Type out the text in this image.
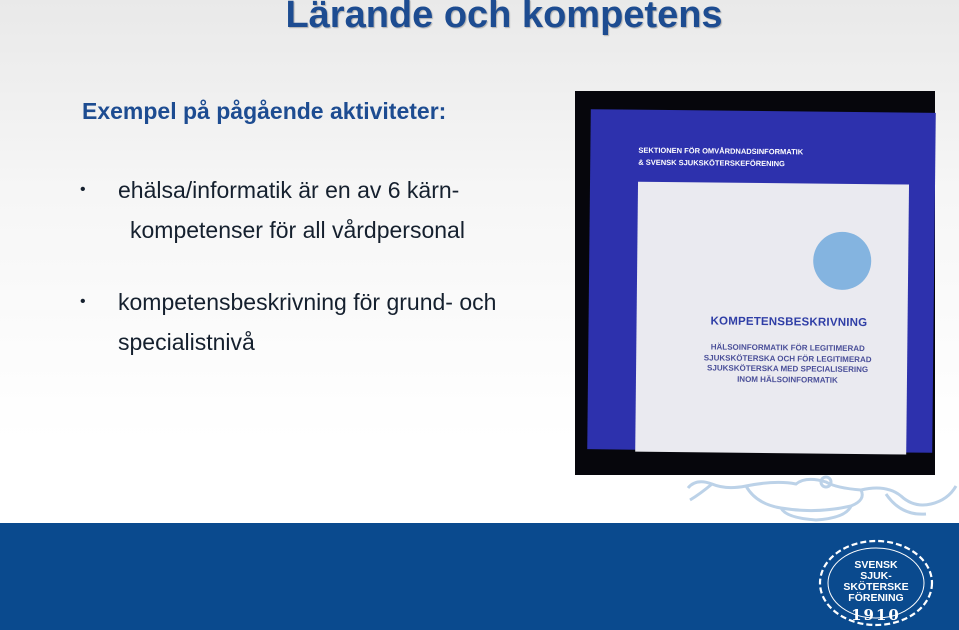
Lärande och kompetens
Exempel på pågående aktiviteter:
• ehälsa/informatik är en av 6 kärn-
kompetenser för all vårdpersonal
• kompetensbeskrivning för grund- och
specialistnivå
SEKTIONEN FÖR OMVÅRDNADSINFORMATIK
& SVENSK SJUKSKÖTERSKEFÖRENING
KOMPETENSBESKRIVNING
HÄLSOINFORMATIK FÖR LEGITIMERAD
SJUKSKÖTERSKA OCH FÖR LEGITIMERAD
SJUKSKÖTERSKA MED SPECIALISERING
INOM HÄLSOINFORMATIK
SVENSK
SJUK-
SKÖTERSKE
FÖRENING
1910
